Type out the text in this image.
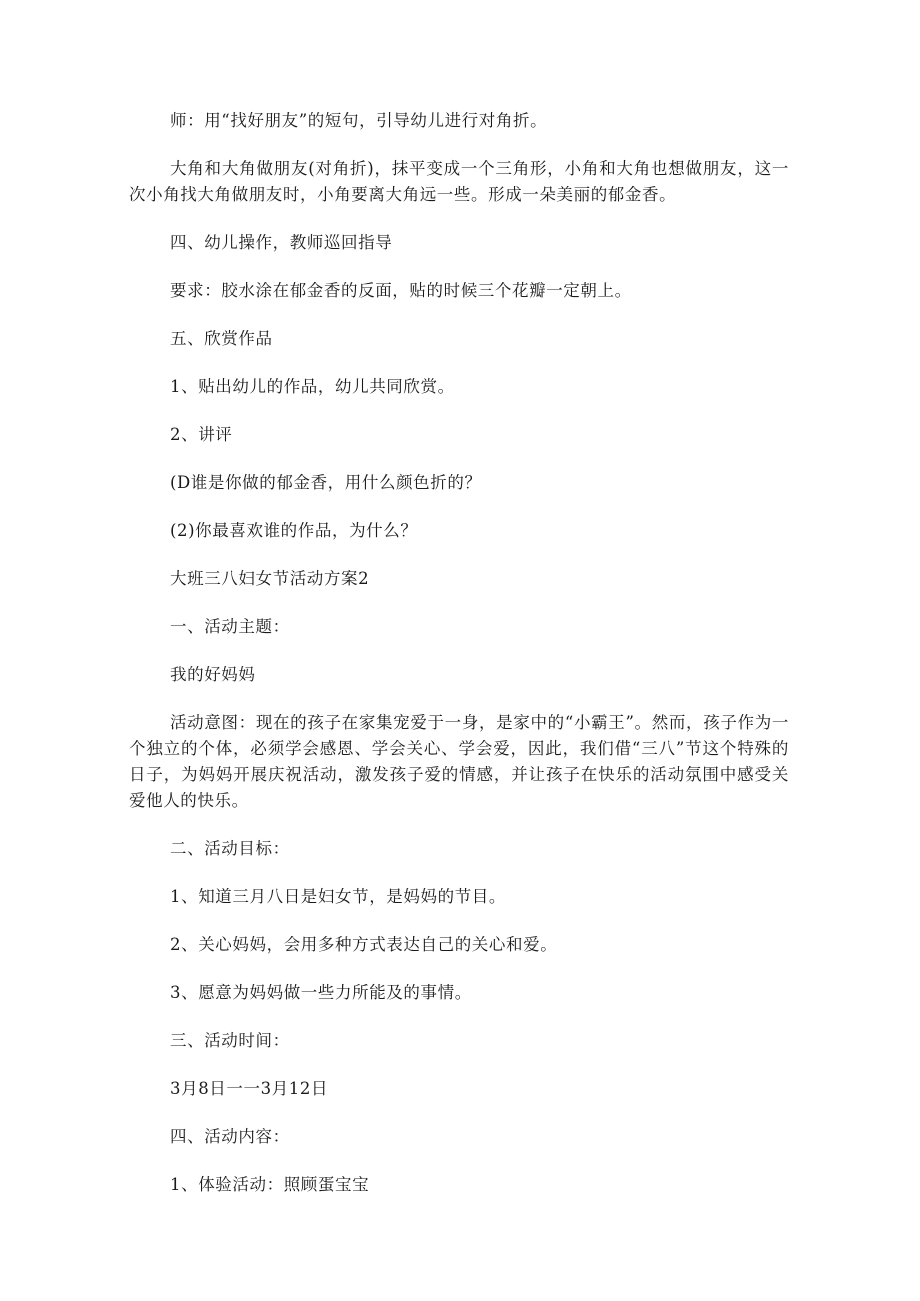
师：用“找好朋友”的短句，引导幼儿进行对角折。

大角和大角做朋友(对角折)，抹平变成一个三角形，小角和大角也想做朋友，这一次小角找大角做朋友时，小角要离大角远一些。形成一朵美丽的郁金香。

四、幼儿操作，教师巡回指导

要求：胶水涂在郁金香的反面，贴的时候三个花瓣一定朝上。

五、欣赏作品

1、贴出幼儿的作品，幼儿共同欣赏。

2、讲评

(D谁是你做的郁金香，用什么颜色折的？

(2)你最喜欢谁的作品，为什么？

大班三八妇女节活动方案2

一、活动主题：

我的好妈妈

活动意图：现在的孩子在家集宠爱于一身，是家中的“小霸王”。然而，孩子作为一个独立的个体，必须学会感恩、学会关心、学会爱，因此，我们借“三八”节这个特殊的日子，为妈妈开展庆祝活动，激发孩子爱的情感，并让孩子在快乐的活动氛围中感受关爱他人的快乐。

二、活动目标：

1、知道三月八日是妇女节，是妈妈的节目。

2、关心妈妈，会用多种方式表达自己的关心和爱。

3、愿意为妈妈做一些力所能及的事情。

三、活动时间：

3月8日一一3月12日

四、活动内容：

1、体验活动：照顾蛋宝宝
